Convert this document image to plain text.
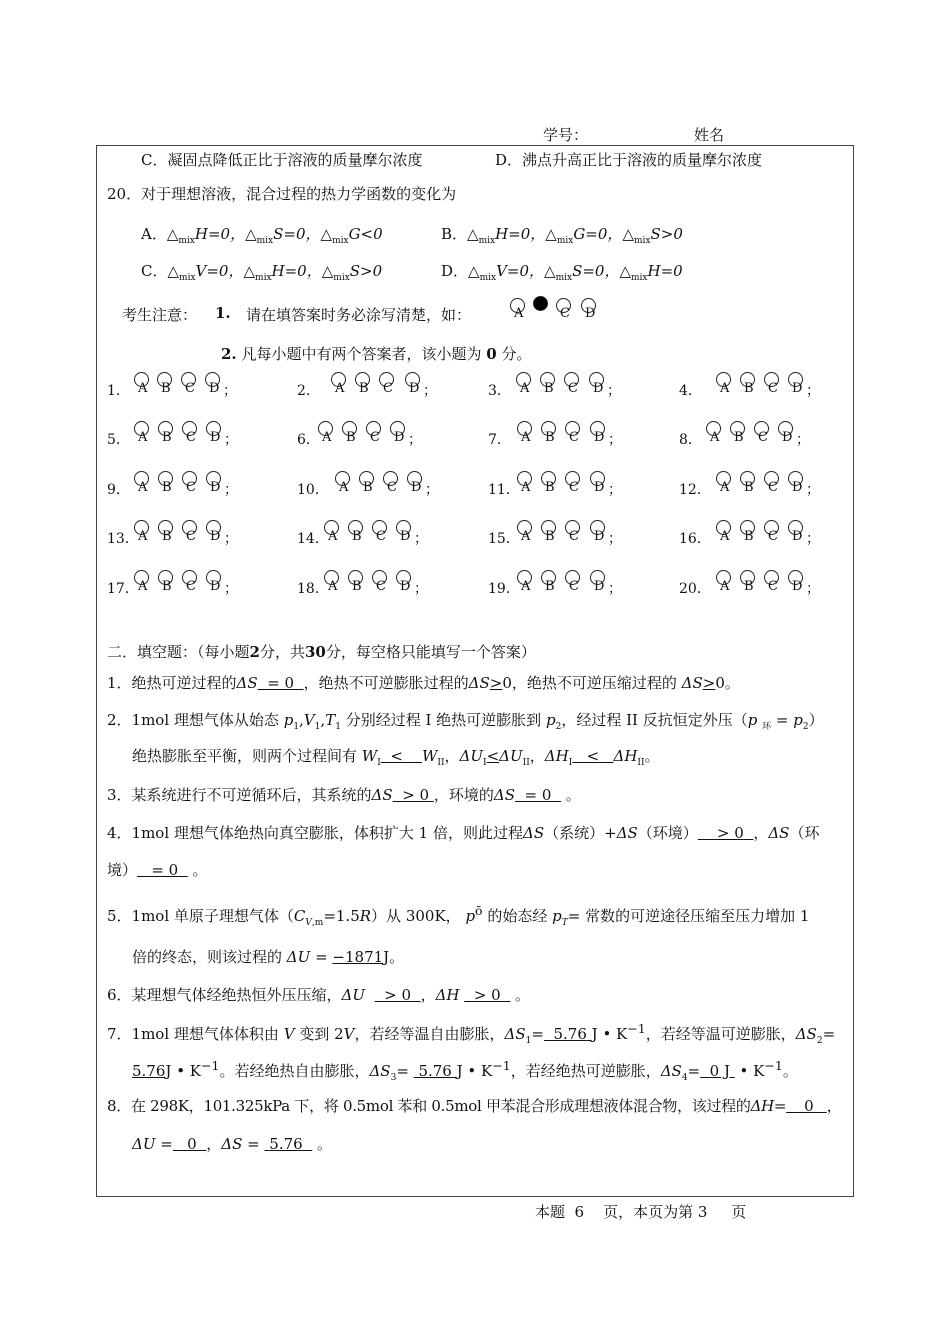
学号：	姓名
C．凝固点降低正比于溶液的质量摩尔浓度	D．沸点升高正比于溶液的质量摩尔浓度
20．对于理想溶液，混合过程的热力学函数的变化为
A．$\triangle_{mix}H=0$，$\triangle_{mix}S=0$，$\triangle_{mix}G<0$	B．$\triangle_{mix}H=0$，$\triangle_{mix}G=0$，$\triangle_{mix}S>0$
C．$\triangle_{mix}V=0$，$\triangle_{mix}H=0$，$\triangle_{mix}S>0$	D．$\triangle_{mix}V=0$，$\triangle_{mix}S=0$，$\triangle_{mix}H=0$
考生注意： 1. 请在填答案时务必涂写清楚，如：	A	C D
2. 凡每小题中有两个答案者，该小题为 0 分。
1． A B C D ；	2． A B C D ；	3． A B C D ；	4． A B C D ；
5． A B C D ；	6． A B C D ；	7． A B C D ；	8． A B C D ；
9． A B C D ；	10． A B C D ；	11． A B C D ；	12． A B C D ；
13． A B C D ；	14． A B C D ；	15． A B C D ；	16． A B C D ；
17． A B C D ；	18． A B C D ；	19． A B C D ；	20． A B C D ；
二．填空题：（每小题2分，共30分，每空格只能填写一个答案）
1．绝热可逆过程的ΔS = 0 ，绝热不可逆膨胀过程的ΔS>0，绝热不可逆压缩过程的 ΔS>0。
2．1mol 理想气体从始态 $p_1,V_1,T_1$ 分别经过程 I 绝热可逆膨胀到 $p_2$，经过程 II 反抗恒定外压（p $_环 = p_2$）
绝热膨胀至平衡，则两个过程间有 $W_I < W_{II}$，$\Delta U_I<\Delta U_{II}$，$\Delta H_I < \Delta H_{II}$。
3．某系统进行不可逆循环后，其系统的ΔS > 0 ，环境的ΔS = 0 。
4．1mol 理想气体绝热向真空膨胀，体积扩大 1 倍，则此过程ΔS（系统）+ΔS（环境） > 0 ，ΔS（环
境） = 0 。
5．1mol 单原子理想气体$(C_{V,m}=1.5R)$从 300K， $p^ō$ 的始态经 $p_T=$ 常数的可逆途径压缩至压力增加 1
倍的终态，则该过程的 ΔU = −1871J。
6．某理想气体经绝热恒外压压缩，ΔU > 0 ，ΔH > 0 。
7．1mol 理想气体体积由 V 变到 2V，若经等温自由膨胀，$\Delta S_1= 5.76$ J • $K^{-1}$，若经等温可逆膨胀，$\Delta S_2=$
5.76J • $K^{-1}$。若经绝热自由膨胀，$\Delta S_3= 5.76$ J • $K^{-1}$，若经绝热可逆膨胀，$\Delta S_4= 0$ J  • $K^{-1}$。
8．在 298K，101.325kPa 下，将 0.5mol 苯和 0.5mol 甲苯混合形成理想液体混合物，该过程的ΔH= 0 ，
ΔU = 0 ，ΔS = 5.76 。
本题  6    页，本页为第 3     页
